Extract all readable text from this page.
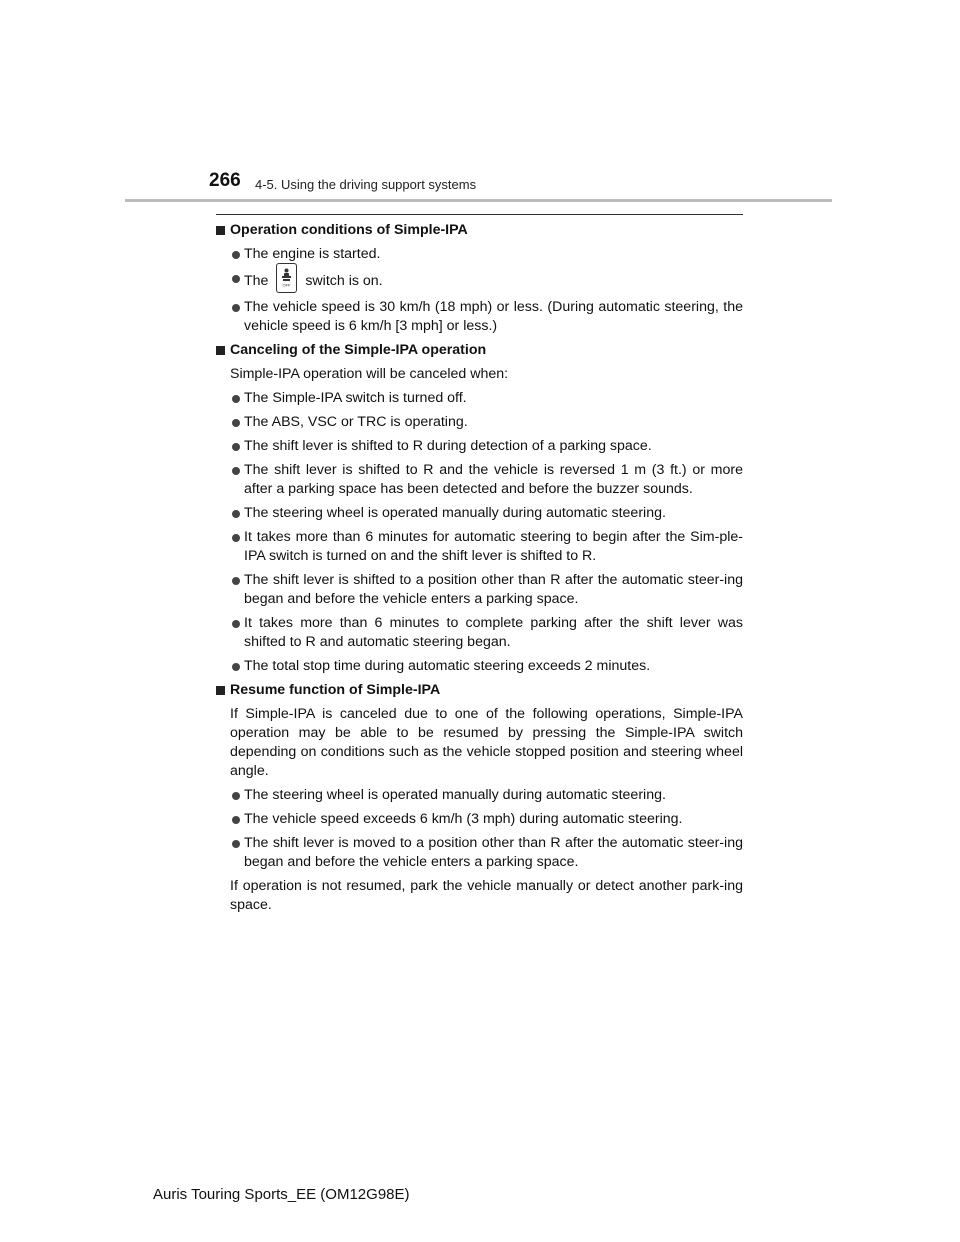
266 4-5. Using the driving support systems
Operation conditions of Simple-IPA
The engine is started.
The	OFF switch is on.
The vehicle speed is 30 km/h (18 mph) or less. (During automatic steering, the vehicle speed is 6 km/h [3 mph] or less.)
Canceling of the Simple-IPA operation
Simple-IPA operation will be canceled when:
The Simple-IPA switch is turned off.
The ABS, VSC or TRC is operating.
The shift lever is shifted to R during detection of a parking space.
The shift lever is shifted to R and the vehicle is reversed 1 m (3 ft.) or more after a parking space has been detected and before the buzzer sounds.
The steering wheel is operated manually during automatic steering.
It takes more than 6 minutes for automatic steering to begin after the Sim-ple-IPA switch is turned on and the shift lever is shifted to R.
The shift lever is shifted to a position other than R after the automatic steer-ing began and before the vehicle enters a parking space.
It takes more than 6 minutes to complete parking after the shift lever was shifted to R and automatic steering began.
The total stop time during automatic steering exceeds 2 minutes.
Resume function of Simple-IPA
If Simple-IPA is canceled due to one of the following operations, Simple-IPA operation may be able to be resumed by pressing the Simple-IPA switch depending on conditions such as the vehicle stopped position and steering wheel angle.
The steering wheel is operated manually during automatic steering.
The vehicle speed exceeds 6 km/h (3 mph) during automatic steering.
The shift lever is moved to a position other than R after the automatic steer-ing began and before the vehicle enters a parking space.
If operation is not resumed, park the vehicle manually or detect another park-ing space.
Auris Touring Sports_EE (OM12G98E)
